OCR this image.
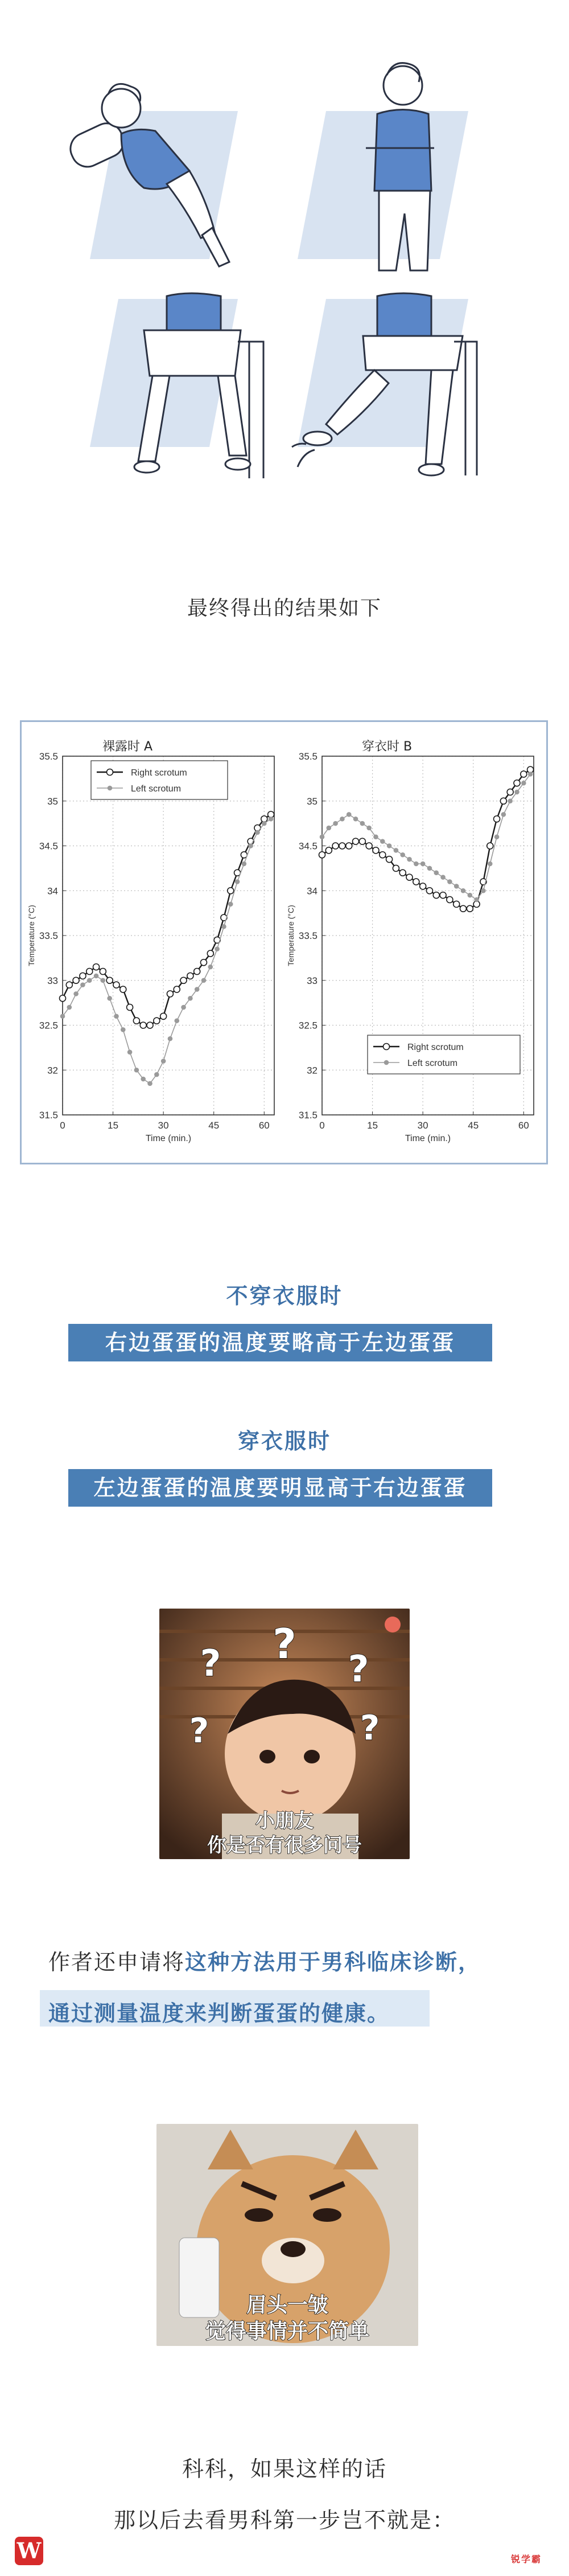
最终得出的结果如下
0	15	30	45	60
31.5
32
32.5
33
33.5
34
34.5
35
35.5
Time (min.)
Temperature (°C)
裸露时 A
Right scrotum
Left scrotum
0	15	30	45	60
31.5
32
32.5
33
33.5
34
34.5
35
35.5
Time (min.)
Temperature (°C)
穿衣时 B
Right scrotum
Left scrotum
不穿衣服时
右边蛋蛋的温度要略高于左边蛋蛋
穿衣服时
左边蛋蛋的温度要明显高于右边蛋蛋
?	?
?
?	?
小朋友
你是否有很多问号
作者还申请将这种方法用于男科临床诊断，
通过测量温度来判断蛋蛋的健康。
眉头一皱
觉得事情并不简单
科科，如果这样的话
那以后去看男科第一步岂不就是：
W	锐学霸
